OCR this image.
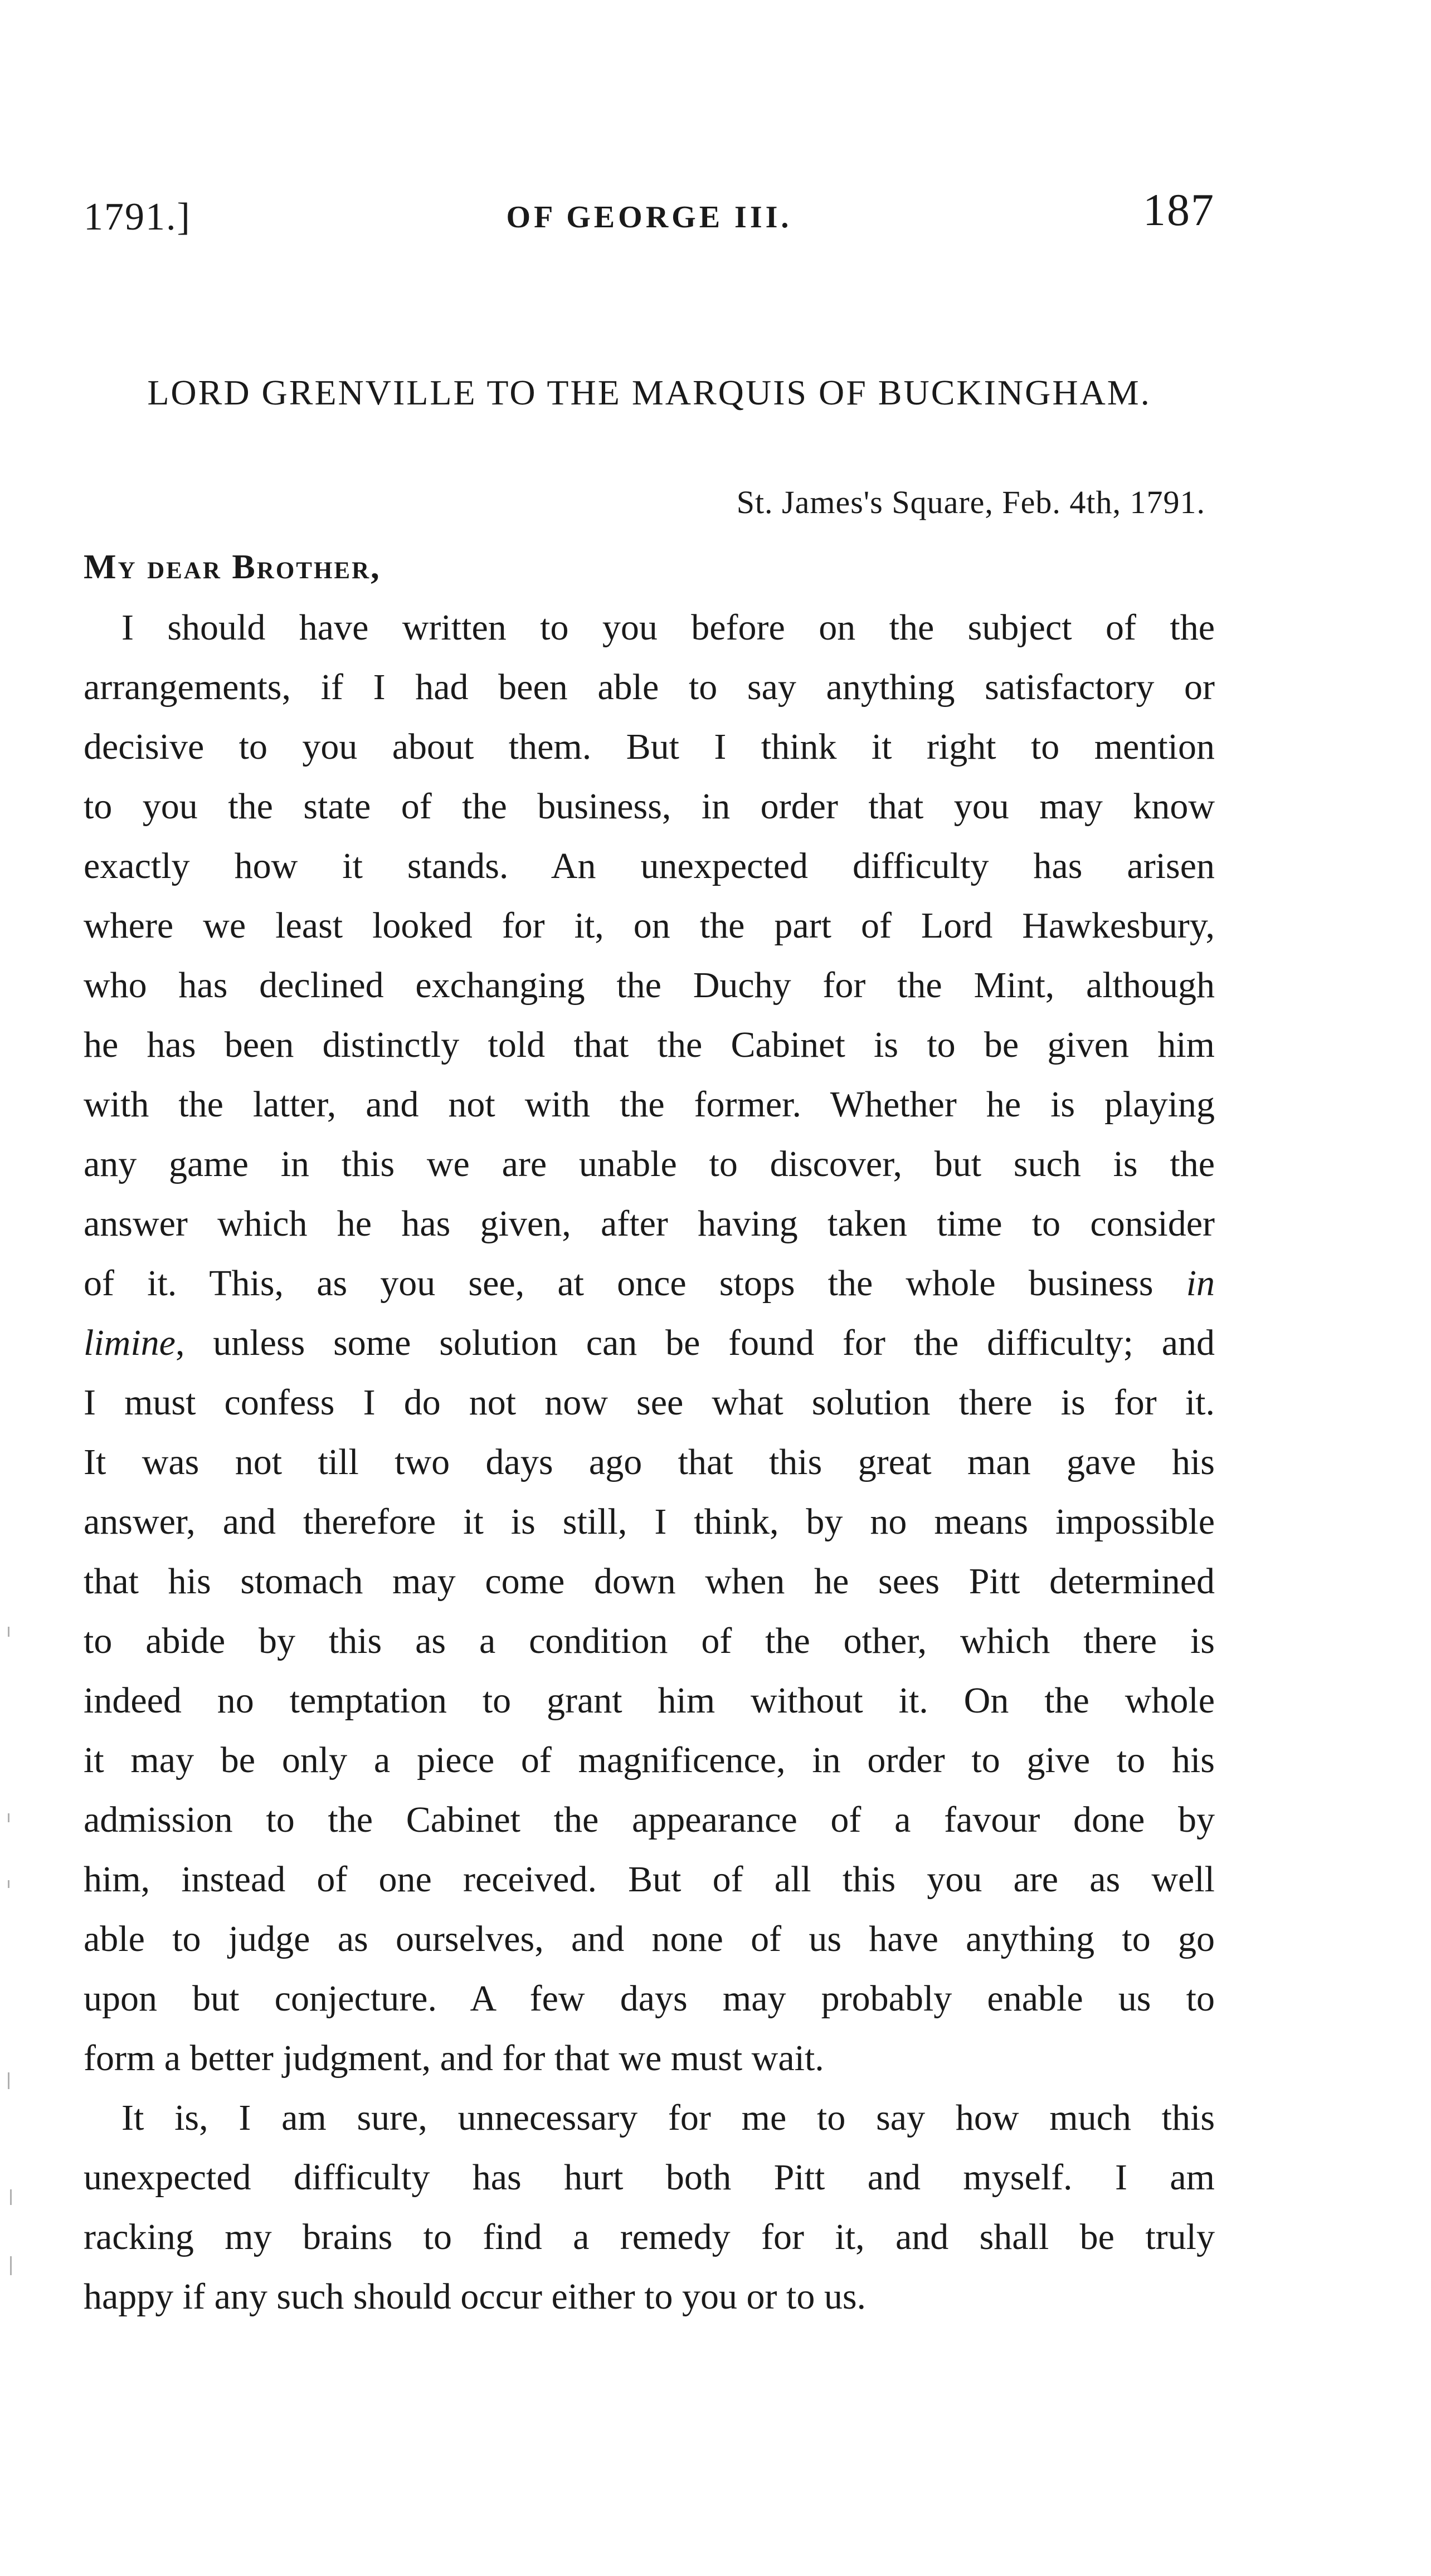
1791.]	OF GEORGE III.	187
LORD GRENVILLE TO THE MARQUIS OF BUCKINGHAM.
St. James's Square, Feb. 4th, 1791.
My dear Brother,
I should have written to you before on the subject of the
arrangements, if I had been able to say anything satisfactory or
decisive to you about them. But I think it right to mention
to you the state of the business, in order that you may know
exactly how it stands. An unexpected difficulty has arisen
where we least looked for it, on the part of Lord Hawkesbury,
who has declined exchanging the Duchy for the Mint, although
he has been distinctly told that the Cabinet is to be given him
with the latter, and not with the former. Whether he is playing
any game in this we are unable to discover, but such is the
answer which he has given, after having taken time to consider
of it. This, as you see, at once stops the whole business in
limine, unless some solution can be found for the difficulty; and
I must confess I do not now see what solution there is for it.
It was not till two days ago that this great man gave his
answer, and therefore it is still, I think, by no means impossible
that his stomach may come down when he sees Pitt determined
to abide by this as a condition of the other, which there is
indeed no temptation to grant him without it. On the whole
it may be only a piece of magnificence, in order to give to his
admission to the Cabinet the appearance of a favour done by
him, instead of one received. But of all this you are as well
able to judge as ourselves, and none of us have anything to go
upon but conjecture. A few days may probably enable us to
form a better judgment, and for that we must wait.
It is, I am sure, unnecessary for me to say how much this
unexpected difficulty has hurt both Pitt and myself. I am
racking my brains to find a remedy for it, and shall be truly
happy if any such should occur either to you or to us.
